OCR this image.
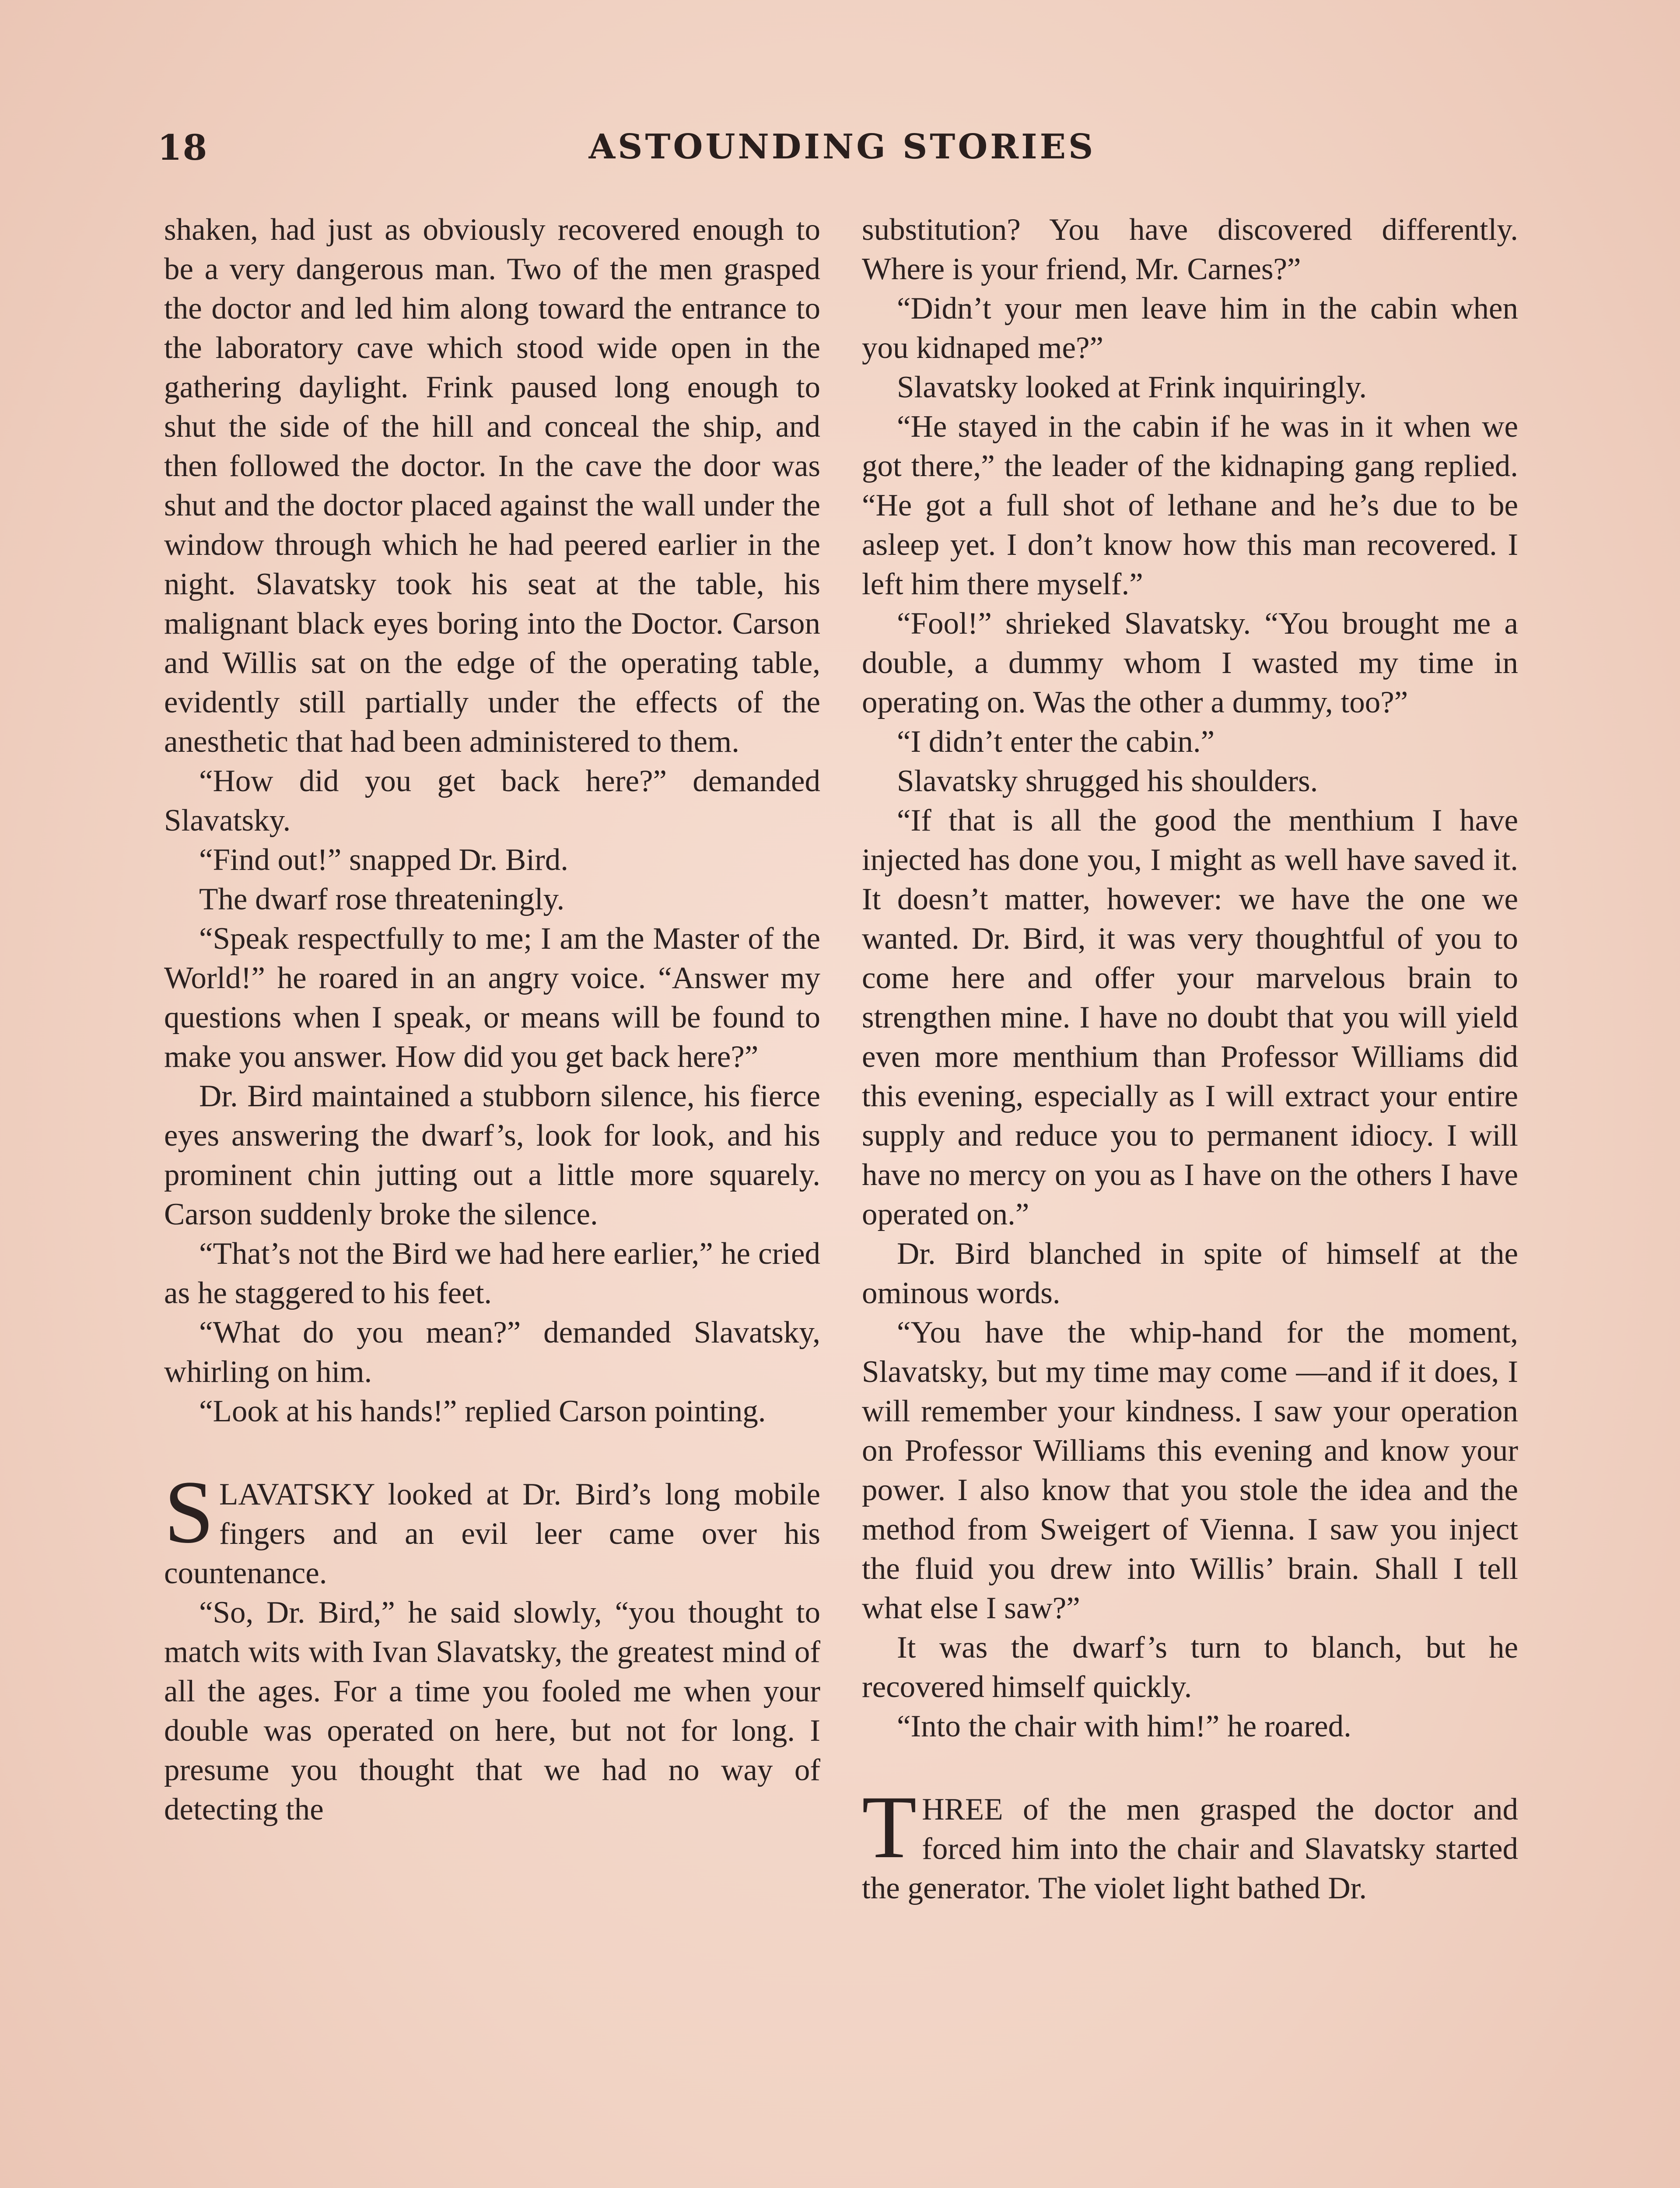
18	ASTOUNDING STORIES

shaken, had just as obviously recovered enough to be a very dangerous man. Two of the men grasped the doctor and led him along toward the entrance to the laboratory cave which stood wide open in the gathering daylight. Frink paused long enough to shut the side of the hill and conceal the ship, and then followed the doctor. In the cave the door was shut and the doctor placed against the wall under the window through which he had peered earlier in the night. Slavatsky took his seat at the table, his malignant black eyes boring into the Doctor. Carson and Willis sat on the edge of the operating table, evidently still partially under the effects of the anesthetic that had been administered to them.

“How did you get back here?” demanded Slavatsky.

“Find out!” snapped Dr. Bird.

The dwarf rose threateningly.

“Speak respectfully to me; I am the Master of the World!” he roared in an angry voice. “Answer my questions when I speak, or means will be found to make you answer. How did you get back here?”

Dr. Bird maintained a stubborn silence, his fierce eyes answering the dwarf’s, look for look, and his prominent chin jutting out a little more squarely. Carson suddenly broke the silence.

“That’s not the Bird we had here earlier,” he cried as he staggered to his feet.

“What do you mean?” demanded Slavatsky, whirling on him.

“Look at his hands!” replied Carson pointing.

SLAVATSKY looked at Dr. Bird’s long mobile fingers and an evil leer came over his countenance.

“So, Dr. Bird,” he said slowly, “you thought to match wits with Ivan Slavatsky, the greatest mind of all the ages. For a time you fooled me when your double was operated on here, but not for long. I presume you thought that we had no way of detecting the

substitution? You have discovered differently. Where is your friend, Mr. Carnes?”

“Didn’t your men leave him in the cabin when you kidnaped me?”

Slavatsky looked at Frink inquiringly.

“He stayed in the cabin if he was in it when we got there,” the leader of the kidnaping gang replied. “He got a full shot of lethane and he’s due to be asleep yet. I don’t know how this man recovered. I left him there myself.”

“Fool!” shrieked Slavatsky. “You brought me a double, a dummy whom I wasted my time in operating on. Was the other a dummy, too?”

“I didn’t enter the cabin.”

Slavatsky shrugged his shoulders.

“If that is all the good the menthium I have injected has done you, I might as well have saved it. It doesn’t matter, however: we have the one we wanted. Dr. Bird, it was very thoughtful of you to come here and offer your marvelous brain to strengthen mine. I have no doubt that you will yield even more menthium than Professor Williams did this evening, especially as I will extract your entire supply and reduce you to permanent idiocy. I will have no mercy on you as I have on the others I have operated on.”

Dr. Bird blanched in spite of himself at the ominous words.

“You have the whip-hand for the moment, Slavatsky, but my time may come —and if it does, I will remember your kindness. I saw your operation on Professor Williams this evening and know your power. I also know that you stole the idea and the method from Sweigert of Vienna. I saw you inject the fluid you drew into Willis’ brain. Shall I tell what else I saw?”

It was the dwarf’s turn to blanch, but he recovered himself quickly.

“Into the chair with him!” he roared.

THREE of the men grasped the doctor and forced him into the chair and Slavatsky started the generator. The violet light bathed Dr.
